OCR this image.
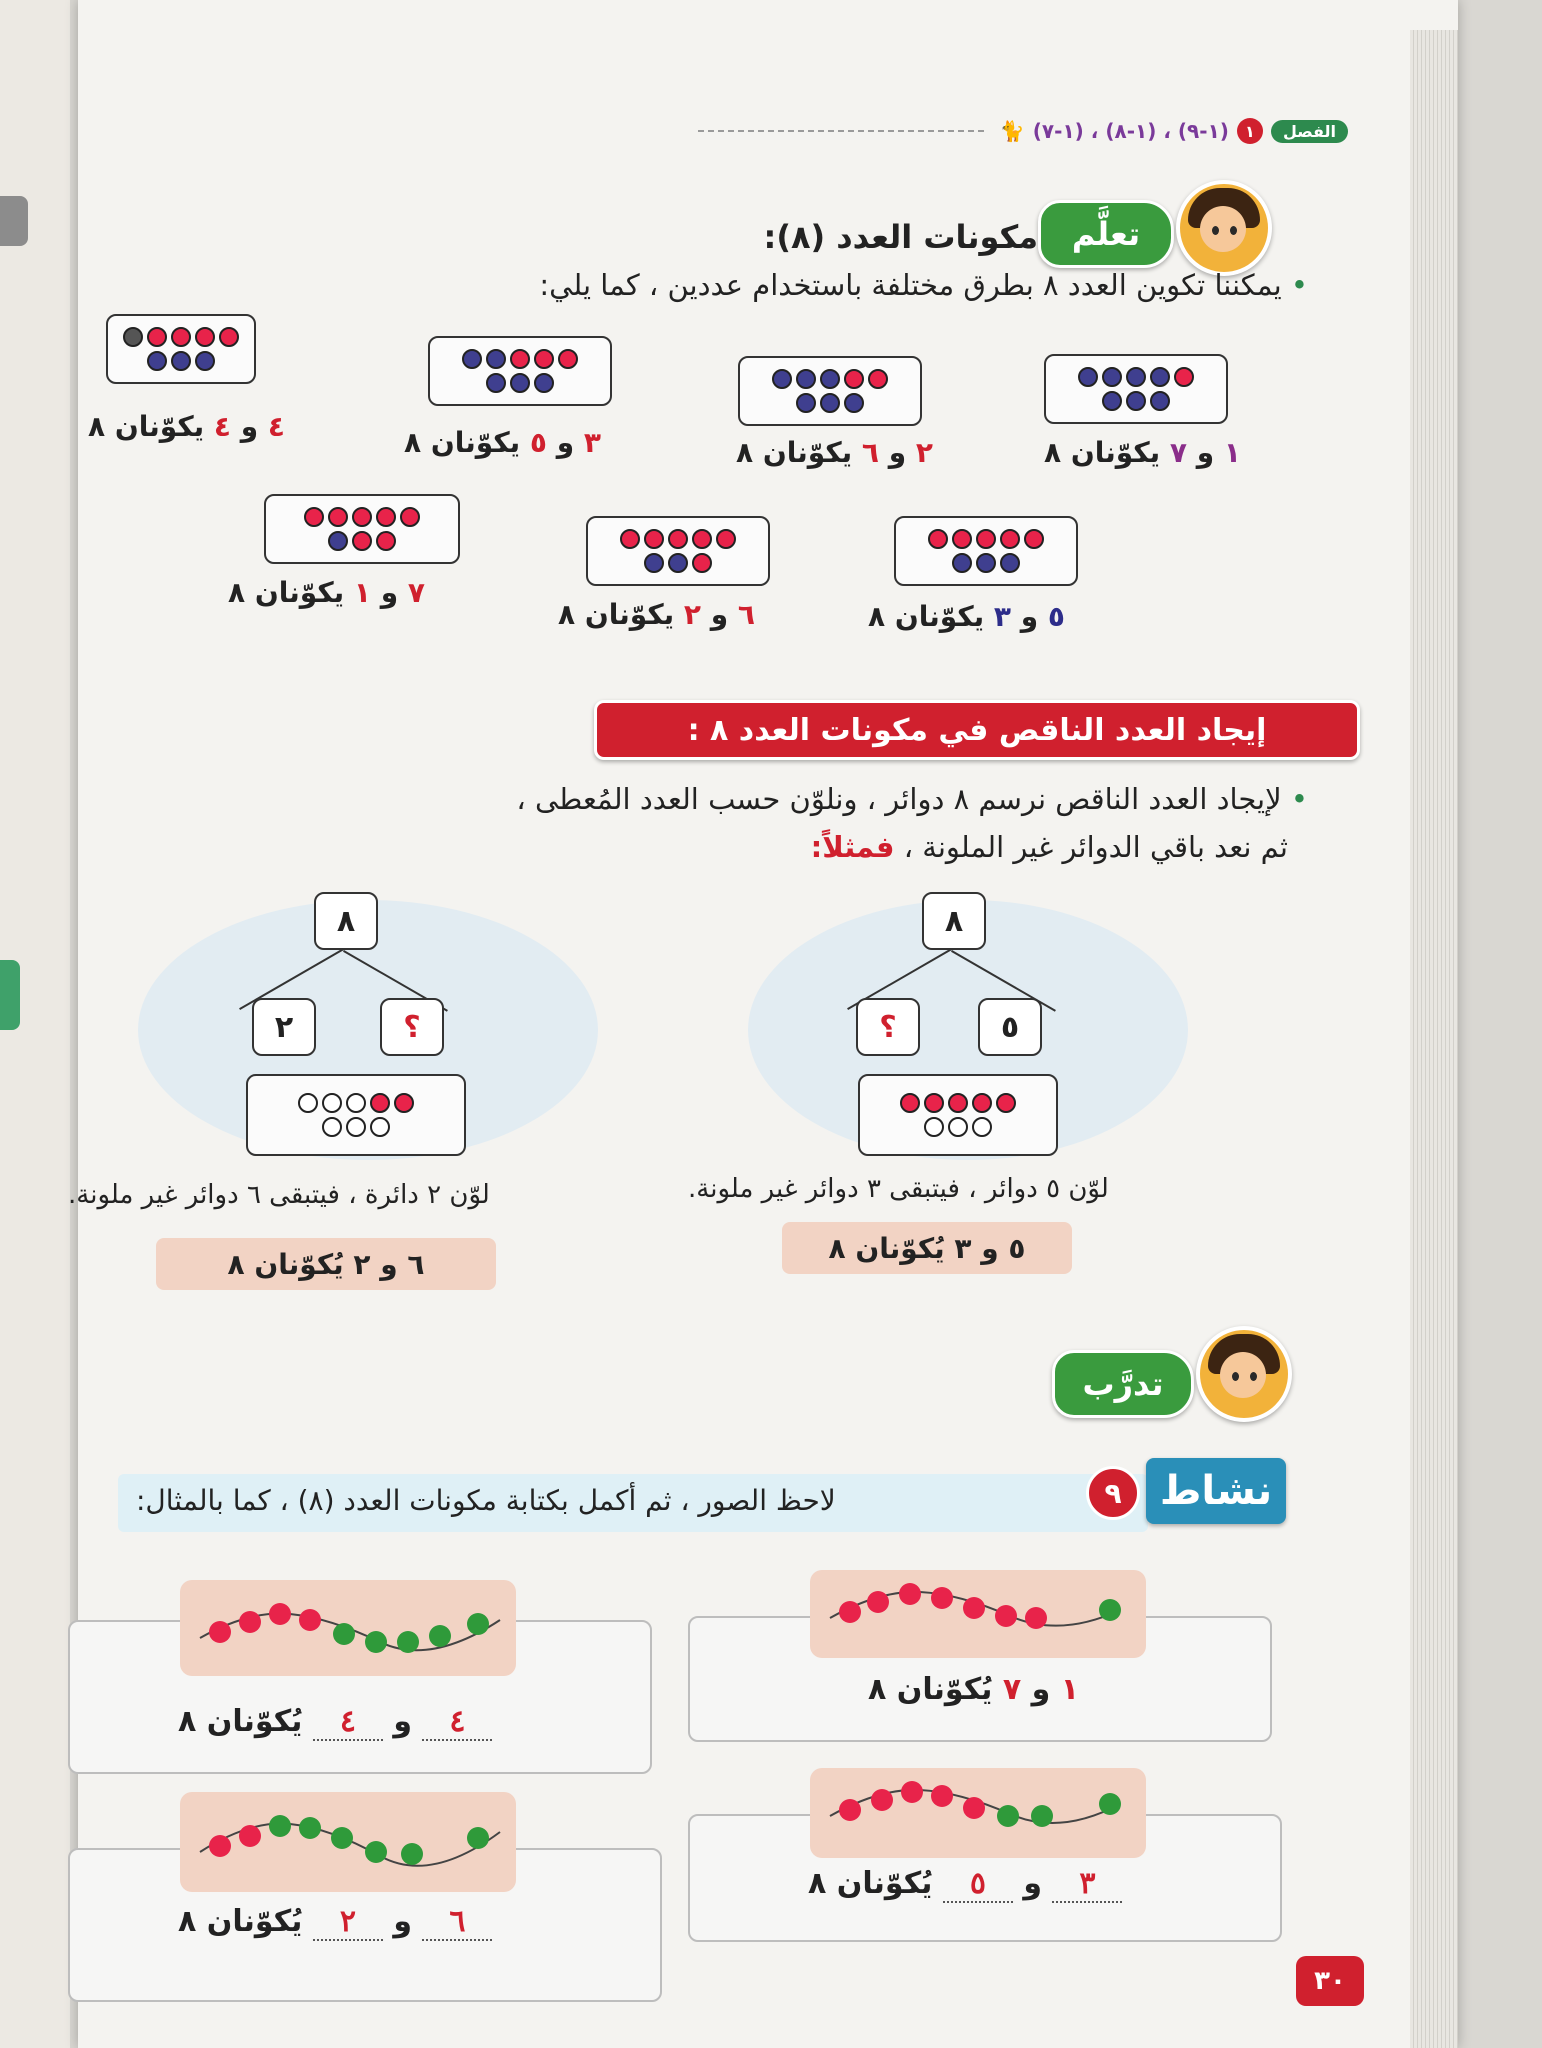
🐈 (١-٧) ، (١-٨) ، (١-٩)	١	الفصل
تعلَّم
مكونات العدد (٨):
• يمكننا تكوين العدد ٨ بطرق مختلفة باستخدام عددين ، كما يلي:
١ و ٧ يكوّنان ٨
٢ و ٦ يكوّنان ٨
٣ و ٥ يكوّنان ٨
٤ و ٤ يكوّنان ٨
٥ و ٣ يكوّنان ٨
٦ و ٢ يكوّنان ٨
٧ و ١ يكوّنان ٨
إيجاد العدد الناقص في مكونات العدد ٨ :
• لإيجاد العدد الناقص نرسم ٨ دوائر ، ونلوّن حسب العدد المُعطى ،
ثم نعد باقي الدوائر غير الملونة ، فمثلاً:
٨
٥
؟
لوّن ٥ دوائر ، فيتبقى ٣ دوائر غير ملونة.
٥ و ٣ يُكوّنان ٨
٨
؟
٢
لوّن ٢ دائرة ، فيتبقى ٦ دوائر غير ملونة.
٦ و ٢ يُكوّنان ٨
تدرَّب
نشاط
٩
لاحظ الصور ، ثم أكمل بكتابة مكونات العدد (٨) ، كما بالمثال:
١ و ٧ يُكوّنان ٨
٤ و ٤ يُكوّنان ٨
٣ و ٥ يُكوّنان ٨
٦ و ٢ يُكوّنان ٨
٣٠
